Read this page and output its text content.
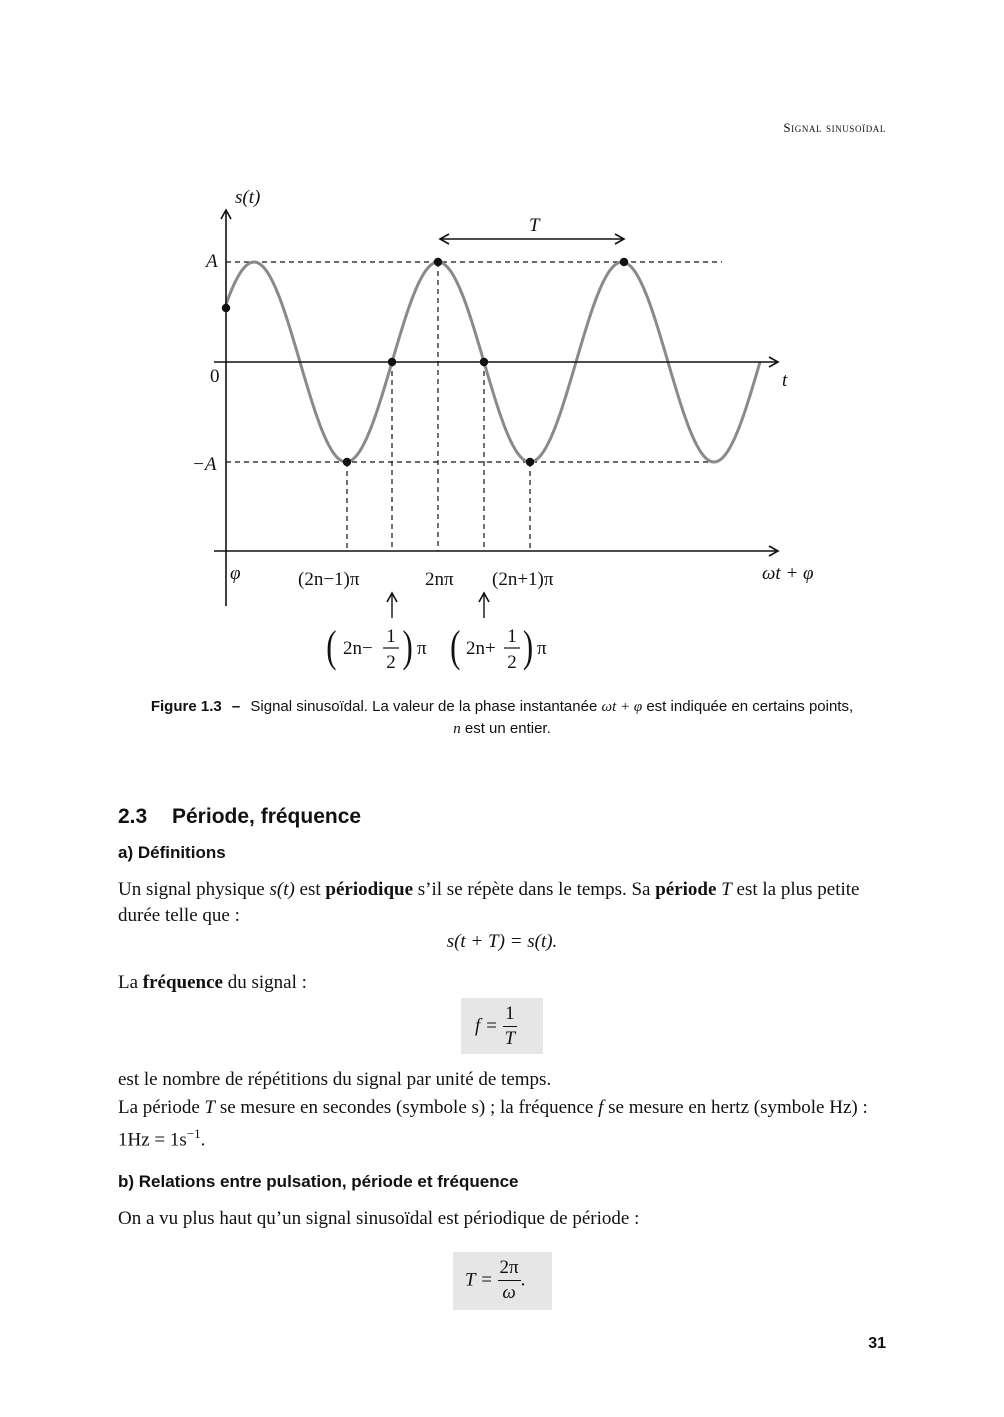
Signal sinusoïdal
s(t)
t
ωt + φ
A
−A
0
T
φ	(2n−1)π	2nπ (2n+1)π
( 2n−
1
2 ) π ( 2n+
1
2 ) π
Figure 1.3 – Signal sinusoïdal. La valeur de la phase instantanée ωt + φ est indiquée en certains points, n est un entier.
2.3 Période, fréquence
a) Définitions
Un signal physique s(t) est périodique s’il se répète dans le temps. Sa période T est la plus petite durée telle que :
s(t + T) = s(t).
La fréquence du signal :
$f = \frac{1}{T}$
est le nombre de répétitions du signal par unité de temps.
La période T se mesure en secondes (symbole s) ; la fréquence f se mesure en hertz (symbole Hz) : $1Hz = 1s^{-1}$.
b) Relations entre pulsation, période et fréquence
On a vu plus haut qu’un signal sinusoïdal est périodique de période :
$T = \frac{2\pi}{\omega}$ .
31
